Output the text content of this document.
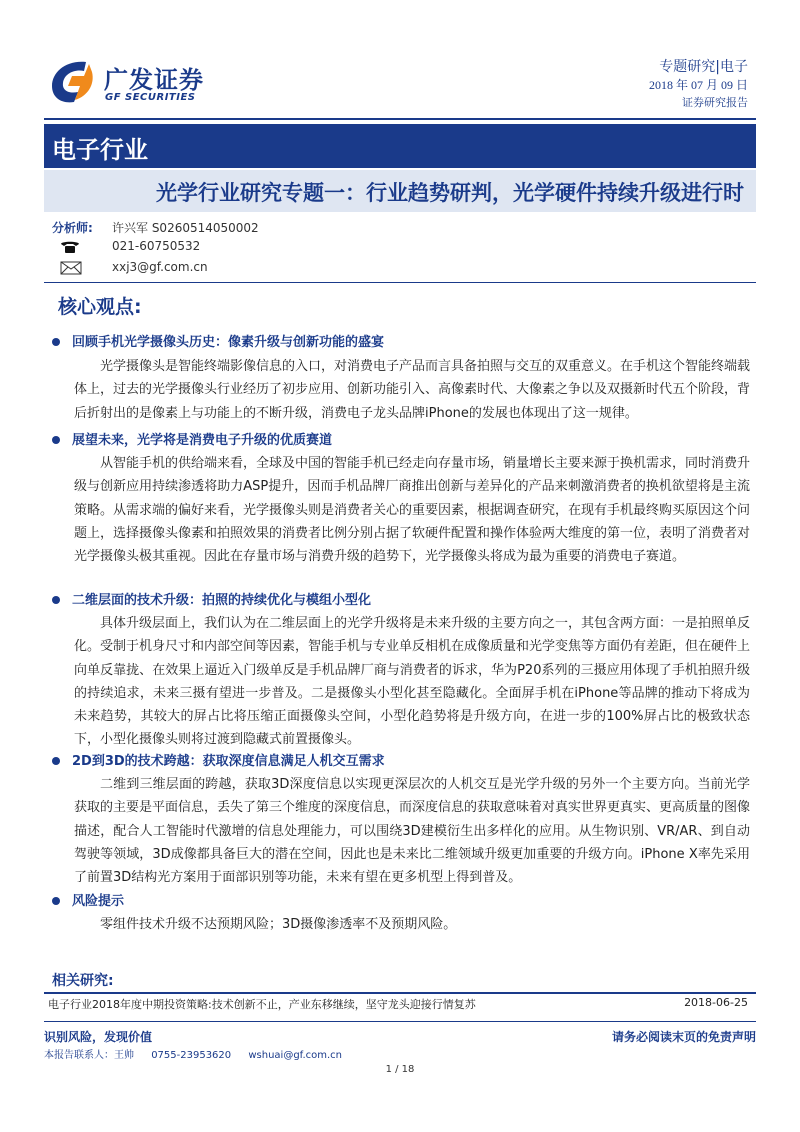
广发证券
GF SECURITIES
专题研究|电子
2018 年 07 月 09 日
证券研究报告
电子行业
光学行业研究专题一：行业趋势研判，光学硬件持续升级进行时
分析师: 许兴军 S0260514050002
021-60750532
xxj3@gf.com.cn
核心观点:
回顾手机光学摄像头历史：像素升级与创新功能的盛宴
光学摄像头是智能终端影像信息的入口，对消费电子产品而言具备拍照与交互的双重意义。在手机这个智能终端载体上，过去的光学摄像头行业经历了初步应用、创新功能引入、高像素时代、大像素之争以及双摄新时代五个阶段，背后折射出的是像素上与功能上的不断升级，消费电子龙头品牌iPhone的发展也体现出了这一规律。
展望未来，光学将是消费电子升级的优质赛道
从智能手机的供给端来看，全球及中国的智能手机已经走向存量市场，销量增长主要来源于换机需求，同时消费升级与创新应用持续渗透将助力ASP提升，因而手机品牌厂商推出创新与差异化的产品来刺激消费者的换机欲望将是主流策略。从需求端的偏好来看，光学摄像头则是消费者关心的重要因素，根据调查研究，在现有手机最终购买原因这个问题上，选择摄像头像素和拍照效果的消费者比例分别占据了软硬件配置和操作体验两大维度的第一位，表明了消费者对光学摄像头极其重视。因此在存量市场与消费升级的趋势下，光学摄像头将成为最为重要的消费电子赛道。
二维层面的技术升级：拍照的持续优化与模组小型化
具体升级层面上，我们认为在二维层面上的光学升级将是未来升级的主要方向之一，其包含两方面：一是拍照单反化。受制于机身尺寸和内部空间等因素，智能手机与专业单反相机在成像质量和光学变焦等方面仍有差距，但在硬件上向单反靠拢、在效果上逼近入门级单反是手机品牌厂商与消费者的诉求，华为P20系列的三摄应用体现了手机拍照升级的持续追求，未来三摄有望进一步普及。二是摄像头小型化甚至隐藏化。全面屏手机在iPhone等品牌的推动下将成为未来趋势，其较大的屏占比将压缩正面摄像头空间，小型化趋势将是升级方向，在进一步的100%屏占比的极致状态下，小型化摄像头则将过渡到隐藏式前置摄像头。
2D到3D的技术跨越：获取深度信息满足人机交互需求
二维到三维层面的跨越，获取3D深度信息以实现更深层次的人机交互是光学升级的另外一个主要方向。当前光学获取的主要是平面信息，丢失了第三个维度的深度信息，而深度信息的获取意味着对真实世界更真实、更高质量的图像描述，配合人工智能时代激增的信息处理能力，可以围绕3D建模衍生出多样化的应用。从生物识别、VR/AR、到自动驾驶等领域，3D成像都具备巨大的潜在空间，因此也是未来比二维领域升级更加重要的升级方向。iPhone X率先采用了前置3D结构光方案用于面部识别等功能，未来有望在更多机型上得到普及。
风险提示
零组件技术升级不达预期风险；3D摄像渗透率不及预期风险。
相关研究:
电子行业2018年度中期投资策略:技术创新不止，产业东移继续，坚守龙头迎接行情复苏	2018-06-25
识别风险，发现价值	请务必阅读末页的免责声明
本报告联系人：王帅 0755-23953620 wshuai@gf.com.cn
1 / 18
